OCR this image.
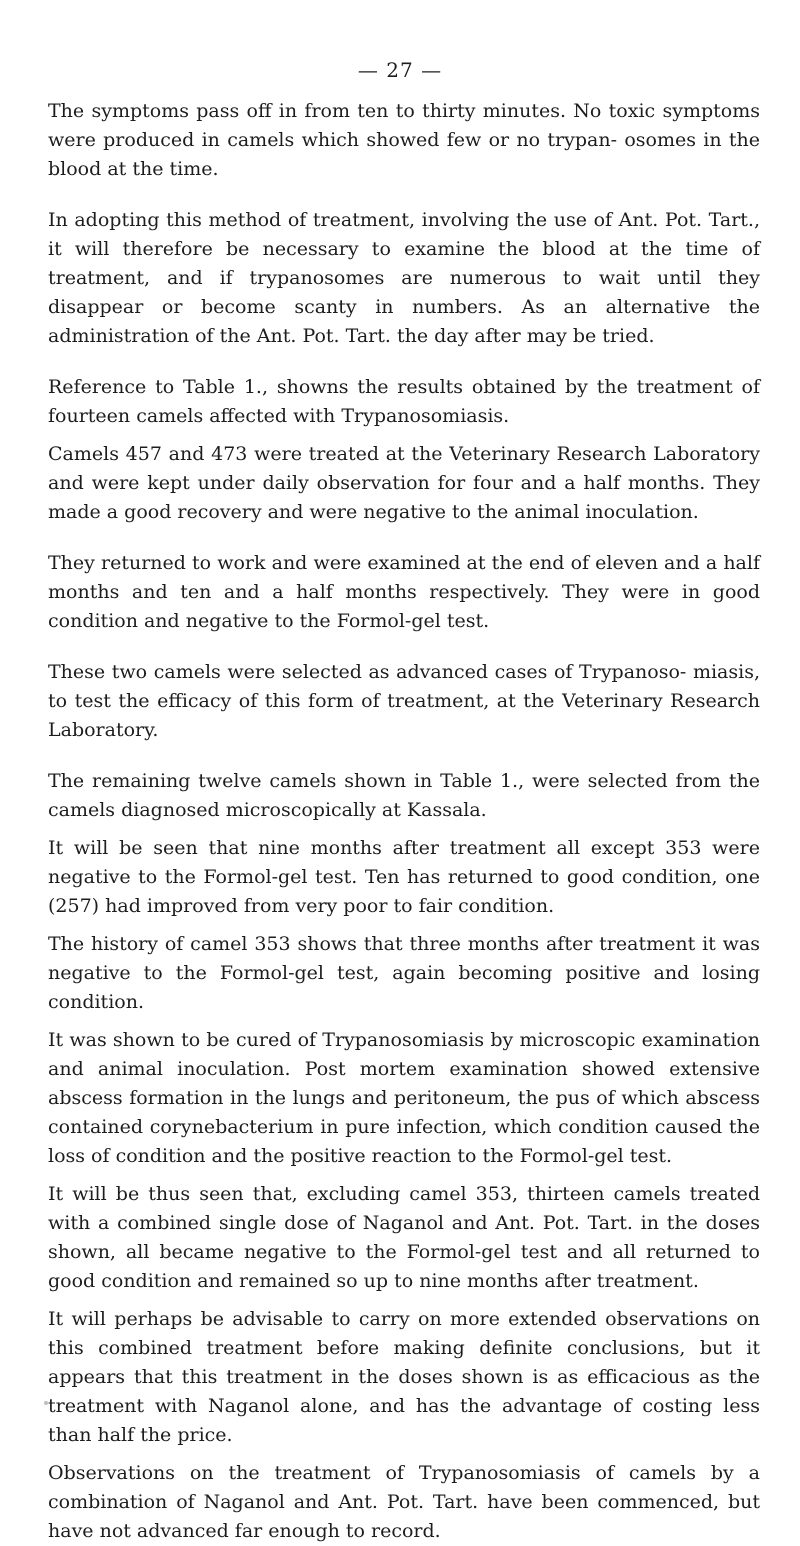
— 27 —

The symptoms pass off in from ten to thirty minutes. No toxic symptoms were produced in camels which showed few or no trypan- osomes in the blood at the time.

In adopting this method of treatment, involving the use of Ant. Pot. Tart., it will therefore be necessary to examine the blood at the time of treatment, and if trypanosomes are numerous to wait until they disappear or become scanty in numbers. As an alternative the administration of the Ant. Pot. Tart. the day after may be tried.

Reference to Table 1., showns the results obtained by the treatment of fourteen camels affected with Trypanosomiasis.

Camels 457 and 473 were treated at the Veterinary Research Laboratory and were kept under daily observation for four and a half months. They made a good recovery and were negative to the animal inoculation.

They returned to work and were examined at the end of eleven and a half months and ten and a half months respectively. They were in good condition and negative to the Formol-gel test.

These two camels were selected as advanced cases of Trypanoso- miasis, to test the efficacy of this form of treatment, at the Veterinary Research Laboratory.

The remaining twelve camels shown in Table 1., were selected from the camels diagnosed microscopically at Kassala.

It will be seen that nine months after treatment all except 353 were negative to the Formol-gel test. Ten has returned to good condition, one (257) had improved from very poor to fair condition.

The history of camel 353 shows that three months after treatment it was negative to the Formol-gel test, again becoming positive and losing condition.

It was shown to be cured of Trypanosomiasis by microscopic examination and animal inoculation. Post mortem examination showed extensive abscess formation in the lungs and peritoneum, the pus of which abscess contained corynebacterium in pure infection, which condition caused the loss of condition and the positive reaction to the Formol-gel test.

It will be thus seen that, excluding camel 353, thirteen camels treated with a combined single dose of Naganol and Ant. Pot. Tart. in the doses shown, all became negative to the Formol-gel test and all returned to good condition and remained so up to nine months after treatment.

It will perhaps be advisable to carry on more extended observations on this combined treatment before making definite conclusions, but it appears that this treatment in the doses shown is as efficacious as the treatment with Naganol alone, and has the advantage of costing less than half the price.

Observations on the treatment of Trypanosomiasis of camels by a combination of Naganol and Ant. Pot. Tart. have been commenced, but have not advanced far enough to record.
